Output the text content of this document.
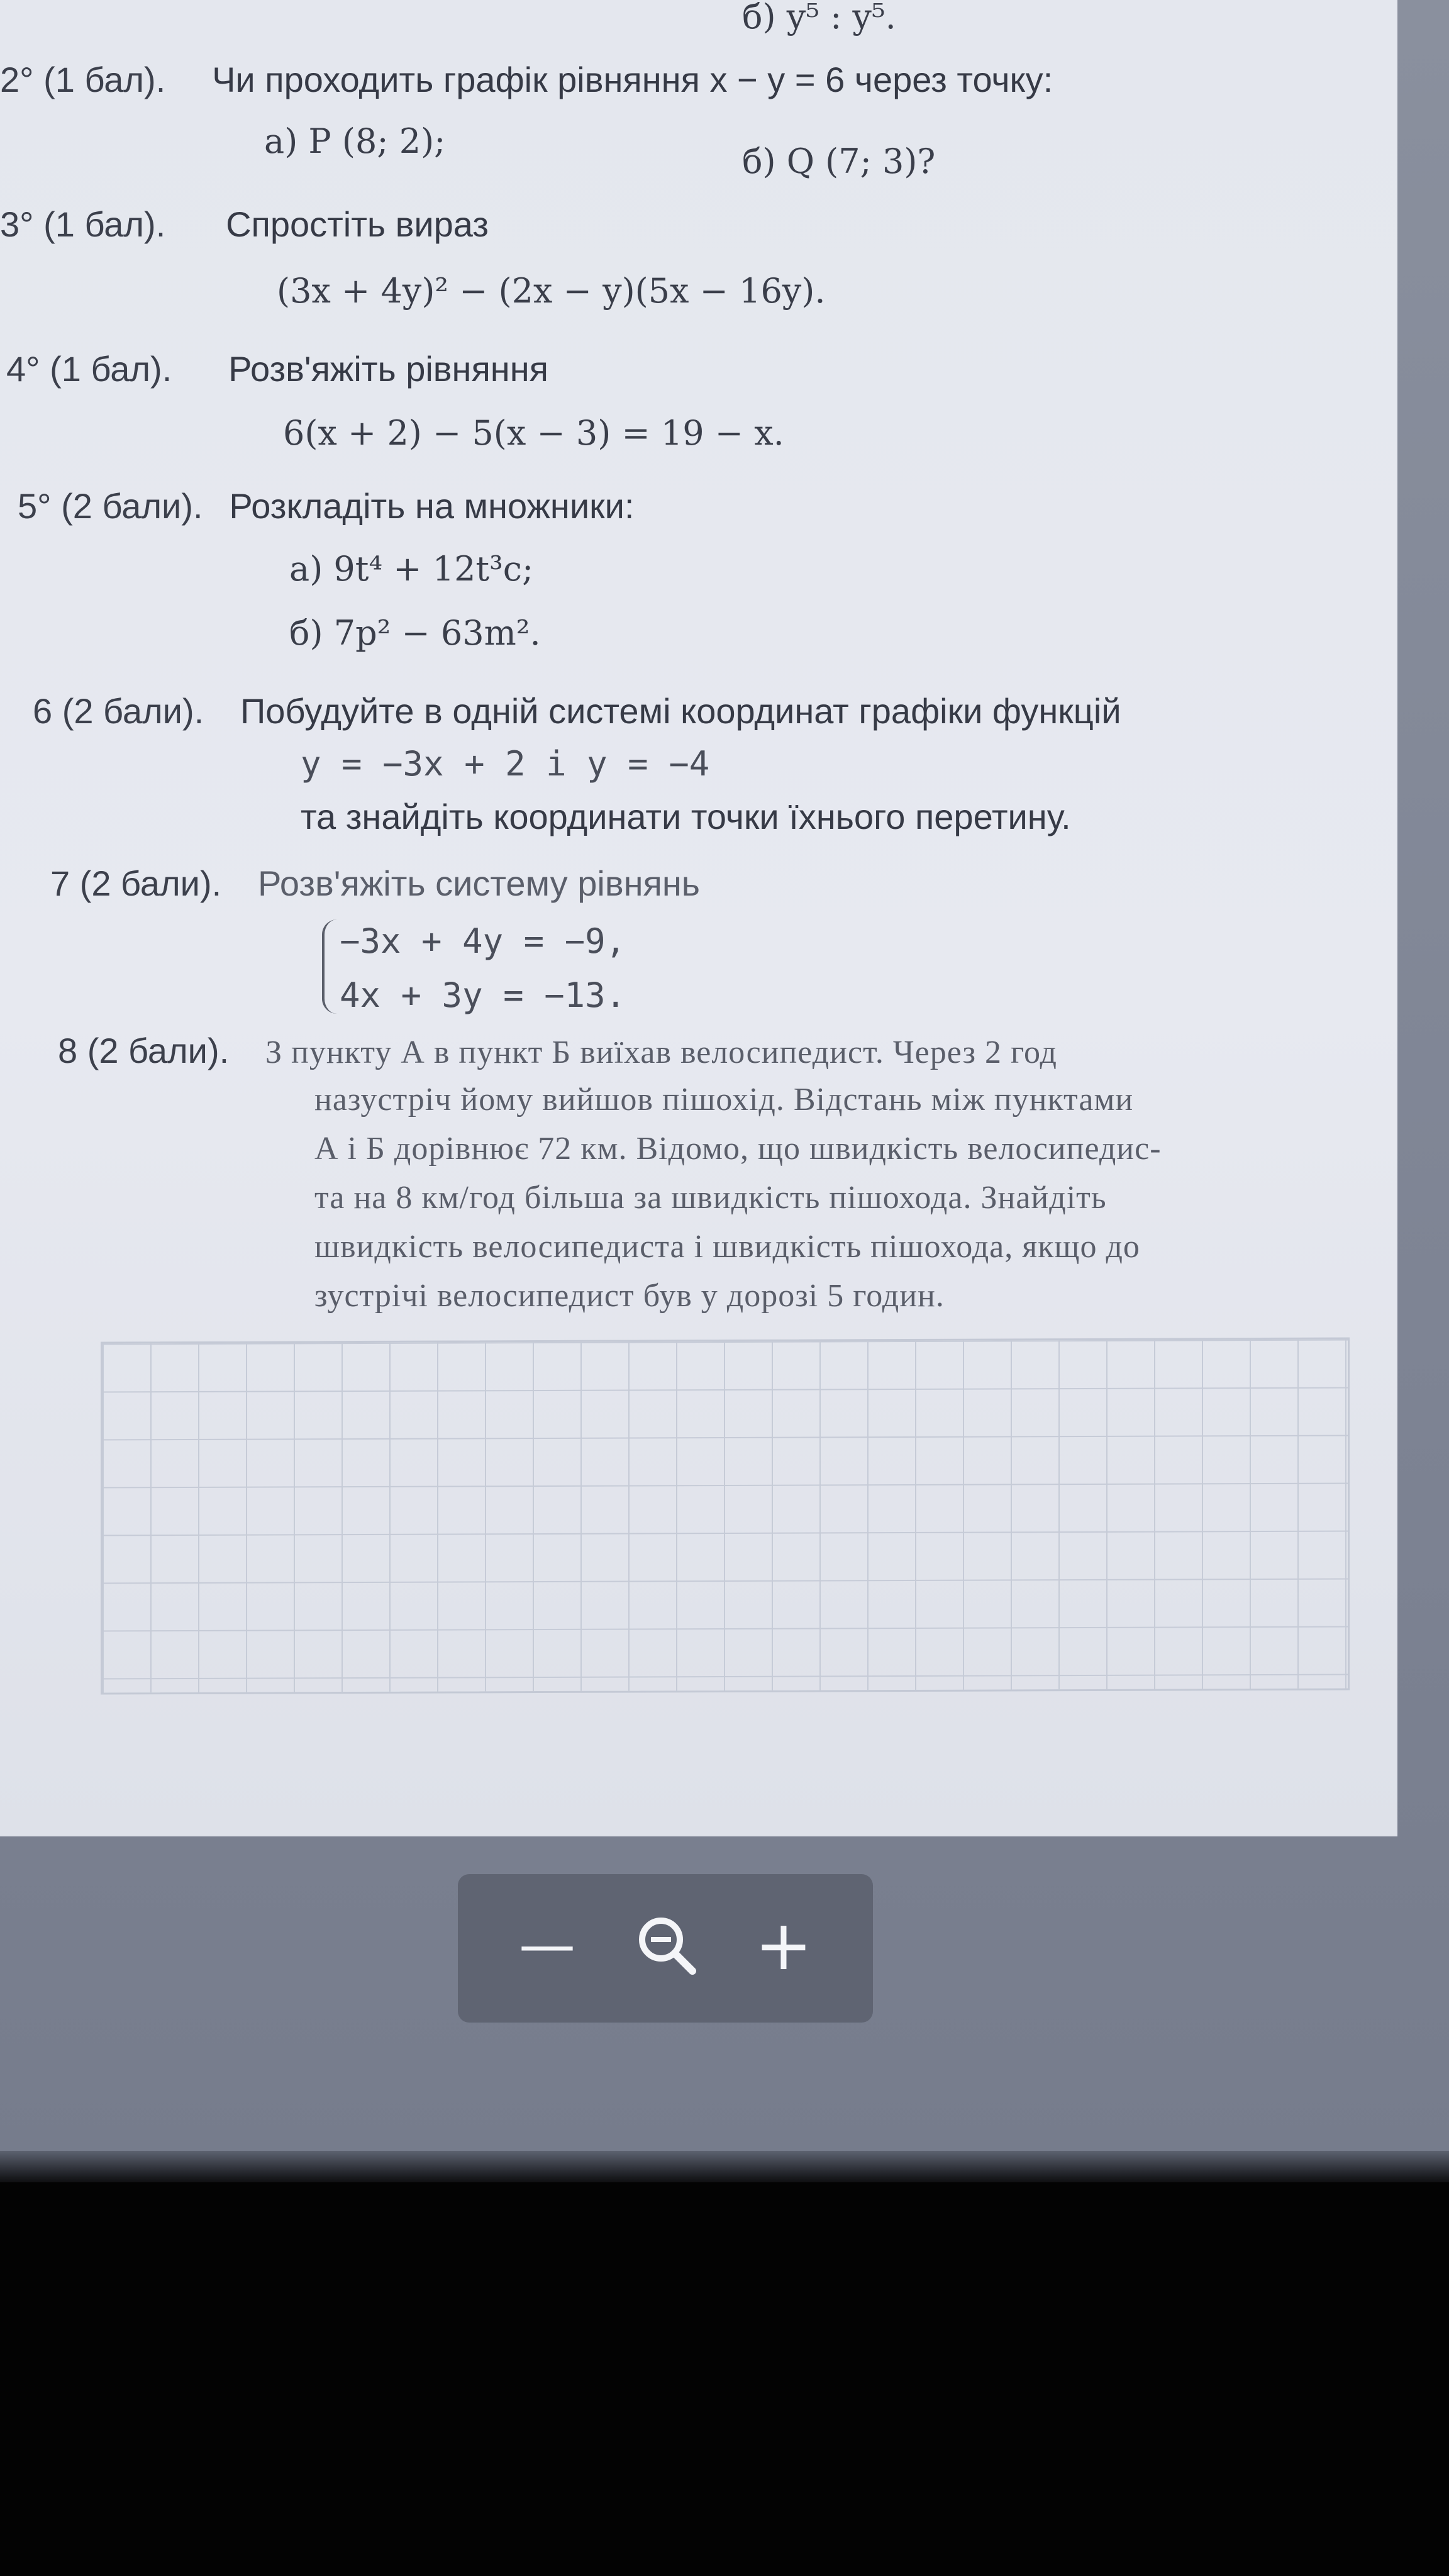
б) y⁵ : y⁵.
2° (1 бал). Чи проходить графік рівняння x − y = 6 через точку:
а) P (8; 2);
б) Q (7; 3)?
3° (1 бал). Спростіть вираз
(3x + 4y)² − (2x − y)(5x − 16y).
4° (1 бал). Розв'яжіть рівняння
6(x + 2) − 5(x − 3) = 19 − x.
5° (2 бали). Розкладіть на множники:
а) 9t⁴ + 12t³c;
б) 7p² − 63m².
6 (2 бали). Побудуйте в одній системі координат графіки функцій
y = −3x + 2 і y = −4
та знайдіть координати точки їхнього перетину.
7 (2 бали). Розв'яжіть систему рівнянь
−3x + 4y = −9,
4x + 3y = −13.
8 (2 бали). З пункту А в пункт Б виїхав велосипедист. Через 2 год
назустріч йому вийшов пішохід. Відстань між пунктами
А і Б дорівнює 72 км. Відомо, що швидкість велосипедис-
та на 8 км/год більша за швидкість пішохода. Знайдіть
швидкість велосипедиста і швидкість пішохода, якщо до
зустрічі велосипедист був у дорозі 5 годин.
—	+
